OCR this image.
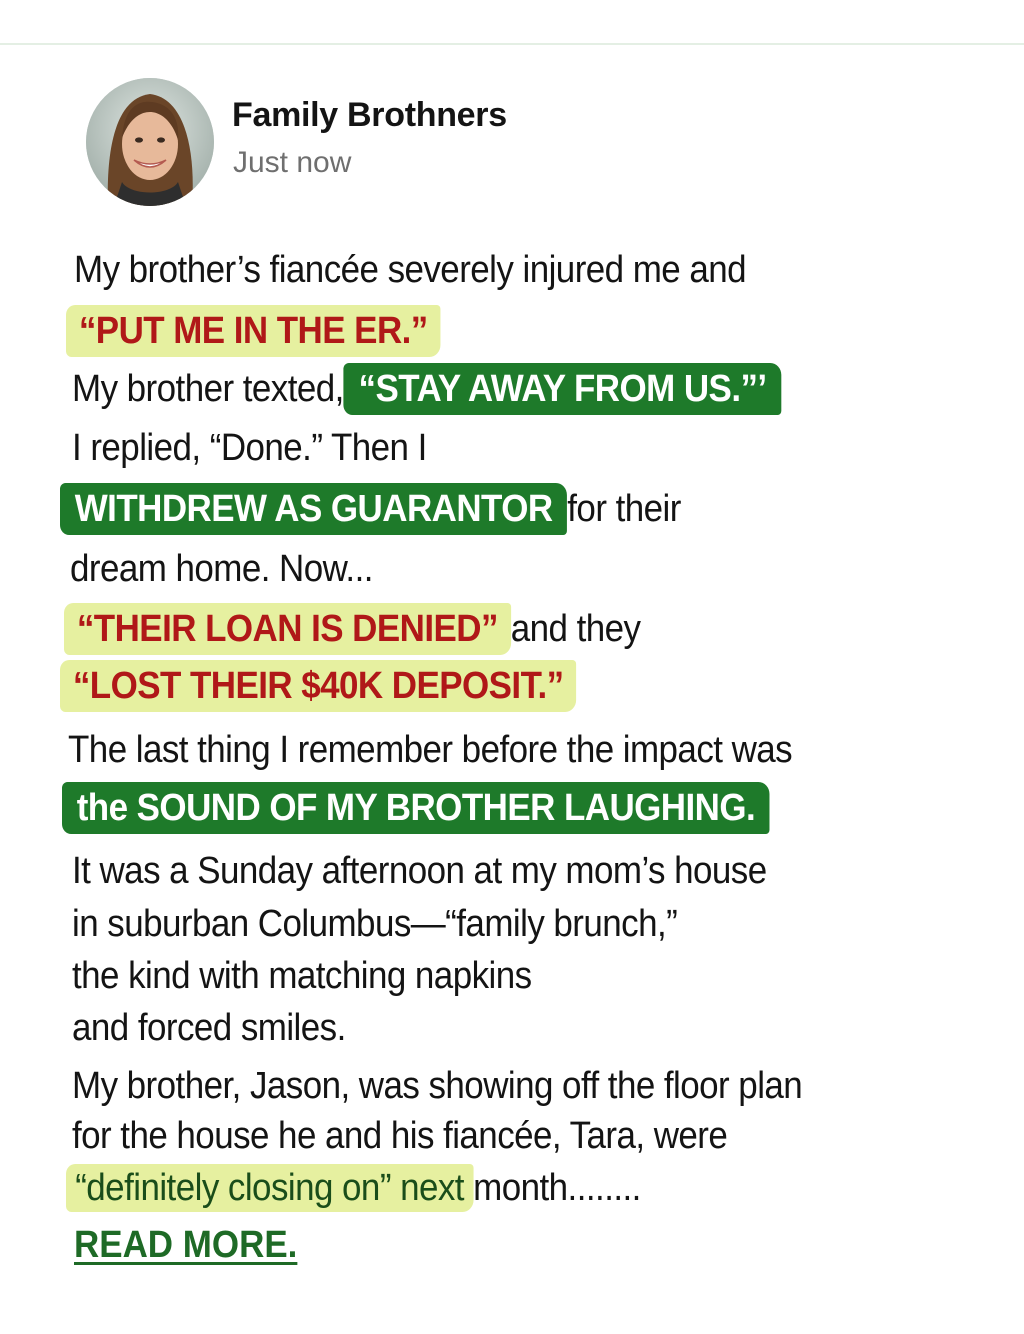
Family Brothners
Just now
My brother’s fiancée severely injured me and
“PUT ME IN THE ER.”
My brother texted,“STAY AWAY FROM US.”’
I replied, “Done.” Then I
WITHDREW AS GUARANTORfor their
dream home. Now...
“THEIR LOAN IS DENIED”and they
“LOST THEIR $40K DEPOSIT.”
The last thing I remember before the impact was
the SOUND OF MY BROTHER LAUGHING.
It was a Sunday afternoon at my mom’s house
in suburban Columbus—“family brunch,”
the kind with matching napkins
and forced smiles.
My brother, Jason, was showing off the floor plan
for the house he and his fiancée, Tara, were
“definitely closing on” next month........
READ MORE.
